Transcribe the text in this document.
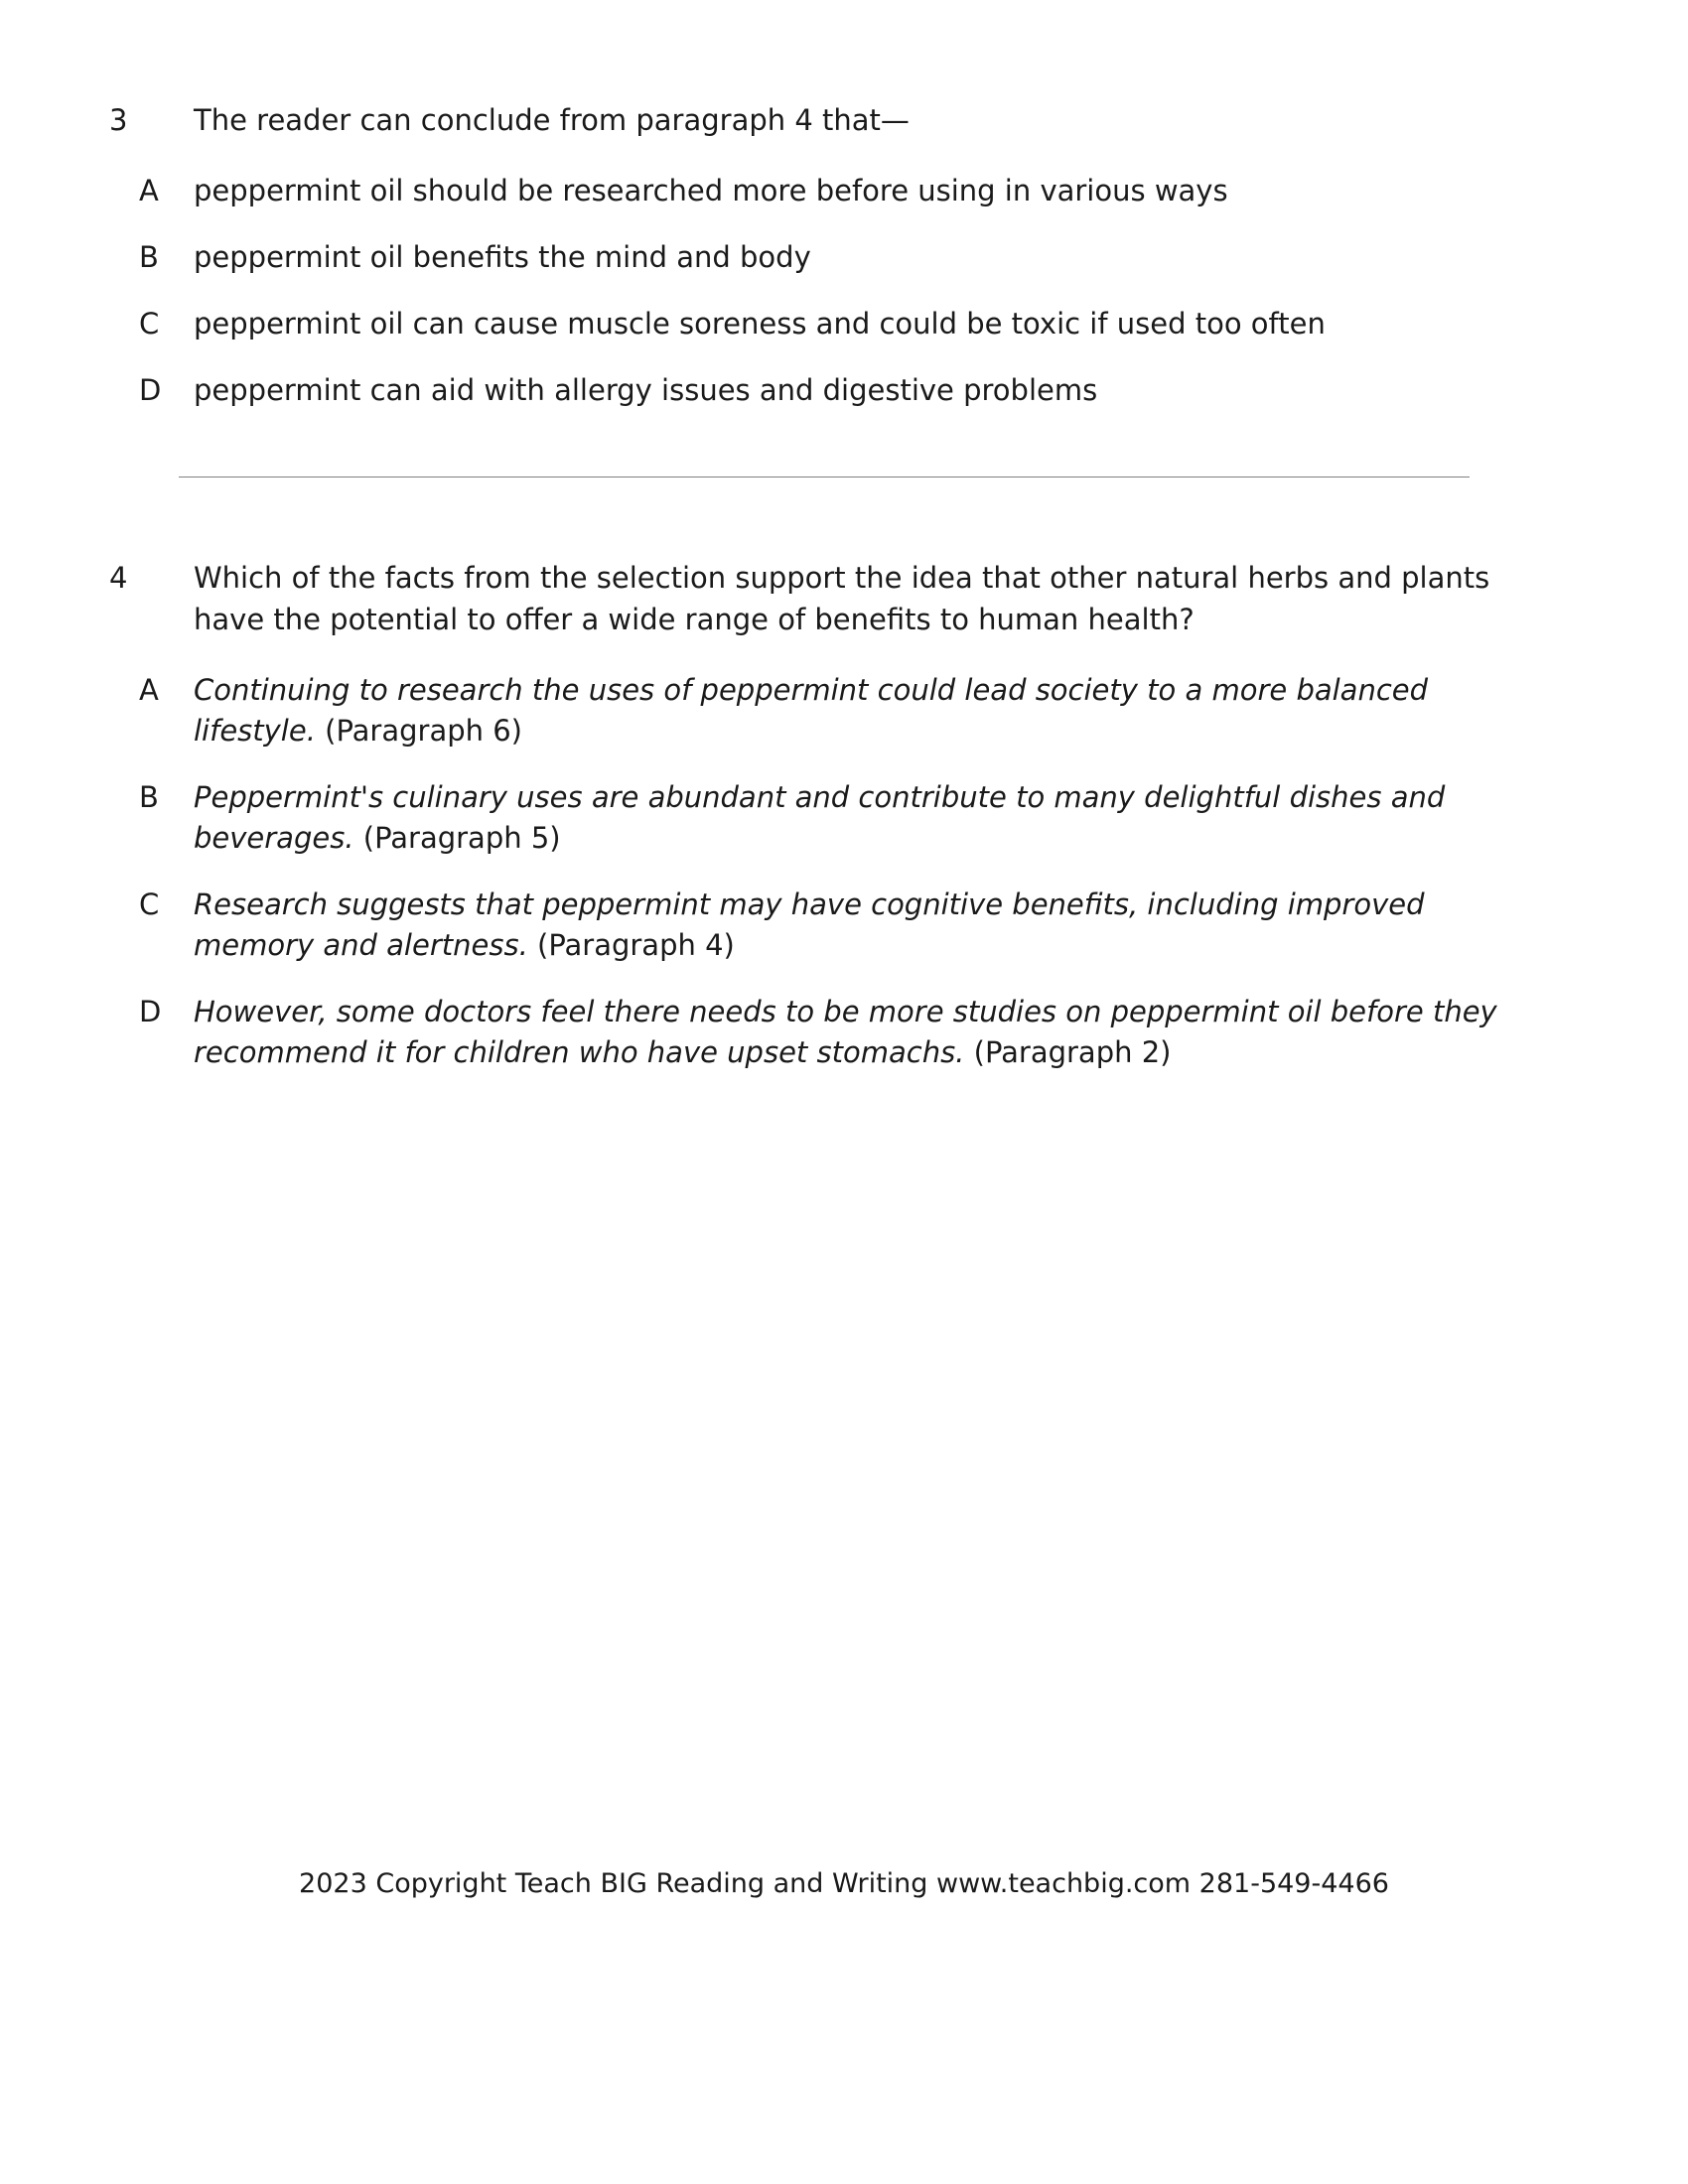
3	The reader can conclude from paragraph 4 that—
A	peppermint oil should be researched more before using in various ways
B	peppermint oil benefits the mind and body
C	peppermint oil can cause muscle soreness and could be toxic if used too often
D	peppermint can aid with allergy issues and digestive problems
4	Which of the facts from the selection support the idea that other natural herbs and plants have the potential to offer a wide range of benefits to human health?
A	Continuing to research the uses of peppermint could lead society to a more balanced lifestyle. (Paragraph 6)
B	Peppermint's culinary uses are abundant and contribute to many delightful dishes and beverages. (Paragraph 5)
C	Research suggests that peppermint may have cognitive benefits, including improved memory and alertness. (Paragraph 4)
D	However, some doctors feel there needs to be more studies on peppermint oil before they recommend it for children who have upset stomachs. (Paragraph 2)
2023 Copyright Teach BIG Reading and Writing www.teachbig.com 281-549-4466
